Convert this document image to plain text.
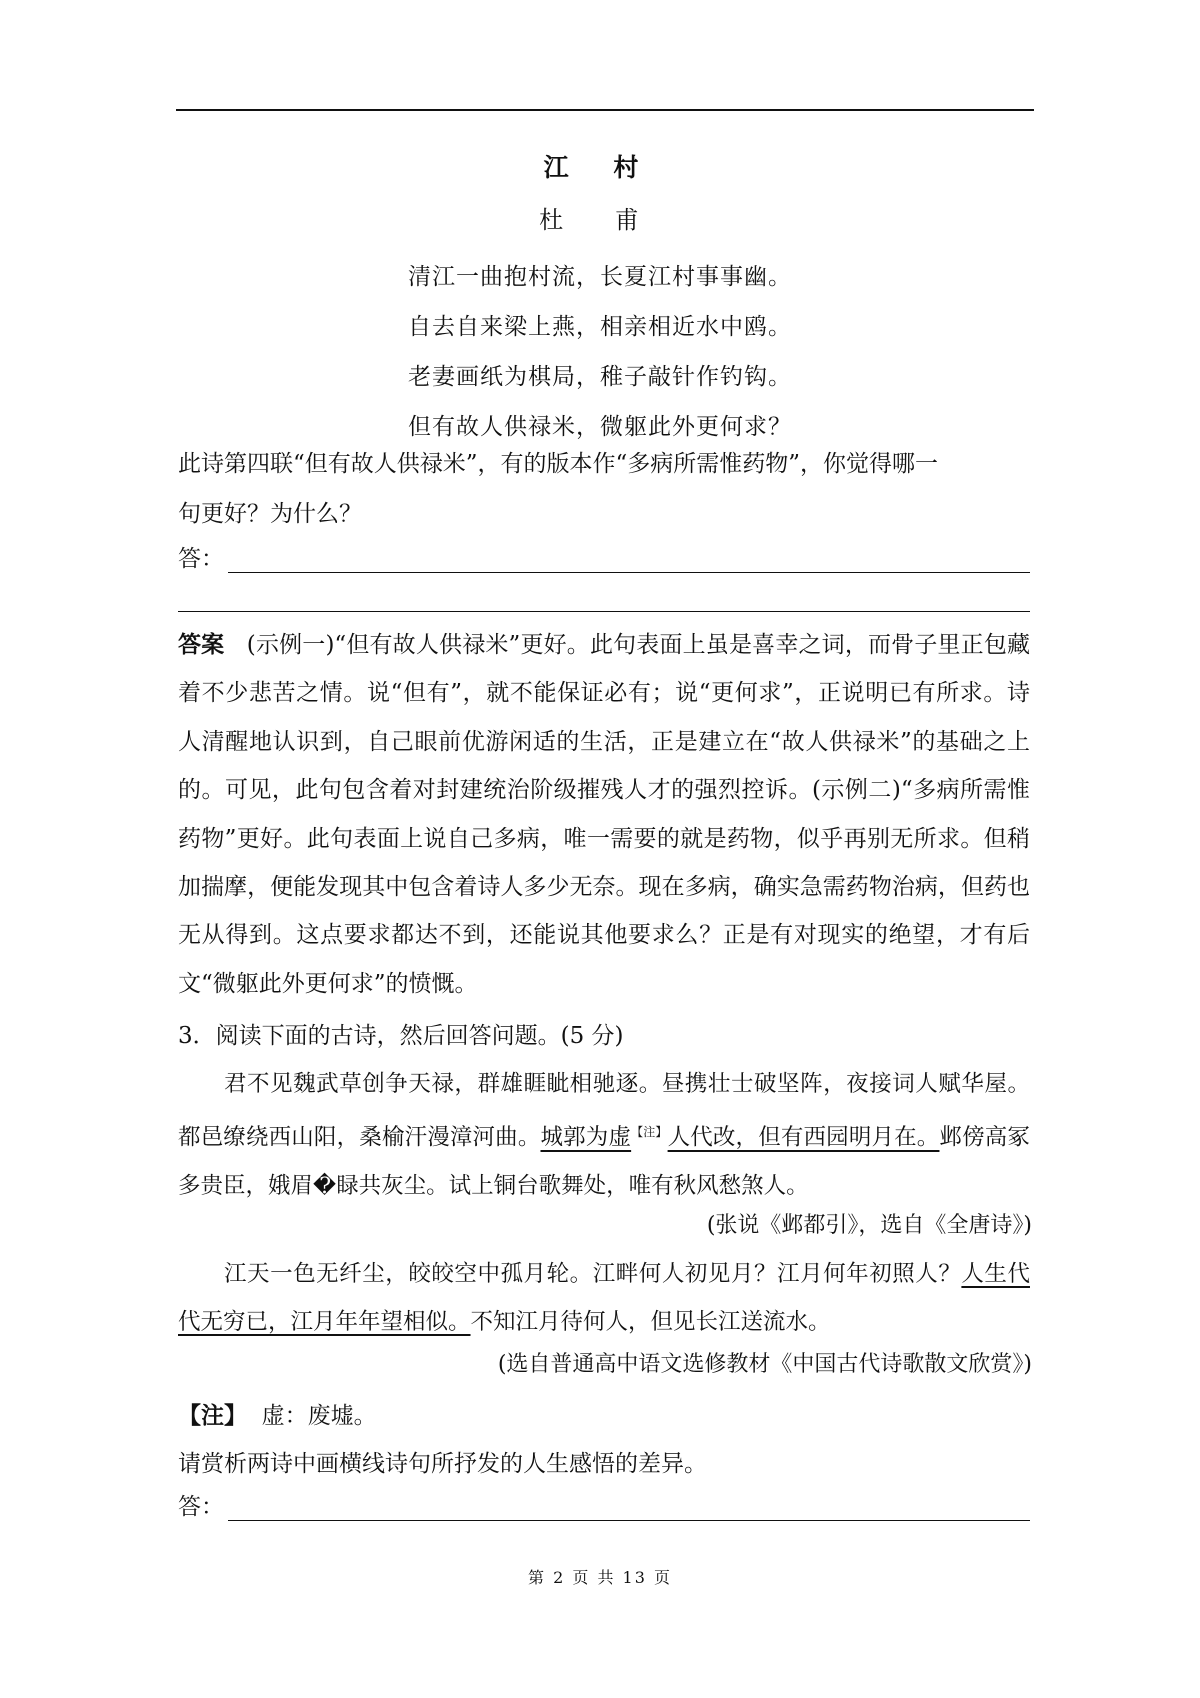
江 村
杜 甫
清江一曲抱村流，长夏江村事事幽。
自去自来梁上燕，相亲相近水中鸥。
老妻画纸为棋局，稚子敲针作钓钩。
但有故人供禄米，微躯此外更何求？
此诗第四联“但有故人供禄米”，有的版本作“多病所需惟药物”，你觉得哪一
句更好？为什么？
答：
答案 (示例一)“但有故人供禄米”更好。此句表面上虽是喜幸之词，而骨子里正包藏着不少悲苦之情。说“但有”，就不能保证必有；说“更何求”，正说明已有所求。诗人清醒地认识到，自己眼前优游闲适的生活，正是建立在“故人供禄米”的基础之上的。可见，此句包含着对封建统治阶级摧残人才的强烈控诉。(示例二)“多病所需惟药物”更好。此句表面上说自己多病，唯一需要的就是药物，似乎再别无所求。但稍加揣摩，便能发现其中包含着诗人多少无奈。现在多病，确实急需药物治病，但药也无从得到。这点要求都达不到，还能说其他要求么？正是有对现实的绝望，才有后文“微躯此外更何求”的愤慨。
3．阅读下面的古诗，然后回答问题。(5 分)
君不见魏武草创争天禄，群雄睚眦相驰逐。昼携壮士破坚阵，夜接词人赋华屋。都邑缭绕西山阳，桑榆汗漫漳河曲。城郭为虚$^{【注】}$人代改，但有西园明月在。邺傍高冢多贵臣，娥眉�睩共灰尘。试上铜台歌舞处，唯有秋风愁煞人。
(张说《邺都引》，选自《全唐诗》)
江天一色无纤尘，皎皎空中孤月轮。江畔何人初见月？江月何年初照人？人生代代无穷已，江月年年望相似。不知江月待何人，但见长江送流水。
(选自普通高中语文选修教材《中国古代诗歌散文欣赏》)
【注】 虚：废墟。
请赏析两诗中画横线诗句所抒发的人生感悟的差异。
答：
第 2 页 共 13 页
